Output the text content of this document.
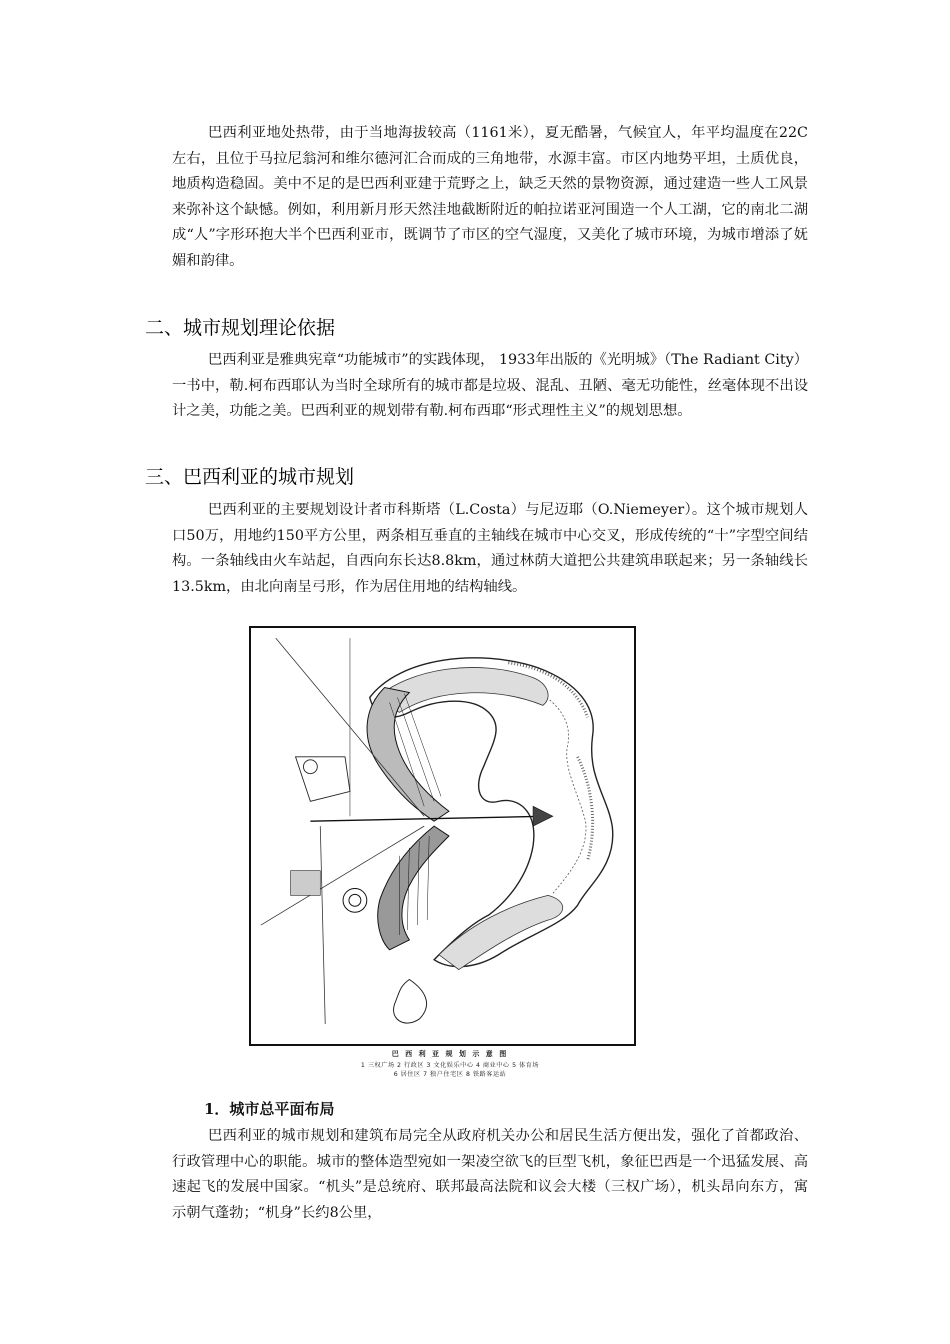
巴西利亚地处热带，由于当地海拔较高（1161米），夏无酷暑，气候宜人，年平均温度在22C左右，且位于马拉尼翁河和维尔德河汇合而成的三角地带，水源丰富。市区内地势平坦，土质优良，地质构造稳固。美中不足的是巴西利亚建于荒野之上，缺乏天然的景物资源，通过建造一些人工风景来弥补这个缺憾。例如，利用新月形天然洼地截断附近的帕拉诺亚河围造一个人工湖，它的南北二湖成“人”字形环抱大半个巴西利亚市，既调节了市区的空气湿度，又美化了城市环境，为城市增添了妩媚和韵律。

二、城市规划理论依据

巴西利亚是雅典宪章“功能城市”的实践体现， 1933年出版的《光明城》（The Radiant City）一书中，勒.柯布西耶认为当时全球所有的城市都是垃圾、混乱、丑陋、毫无功能性，丝毫体现不出设计之美，功能之美。巴西利亚的规划带有勒.柯布西耶“形式理性主义”的规划思想。

三、巴西利亚的城市规划

巴西利亚的主要规划设计者市科斯塔（L.Costa）与尼迈耶（O.Niemeyer）。这个城市规划人口50万，用地约150平方公里，两条相互垂直的主轴线在城市中心交叉，形成传统的“十”字型空间结构。一条轴线由火车站起，自西向东长达8.8km，通过林荫大道把公共建筑串联起来；另一条轴线长13.5km，由北向南呈弓形，作为居住用地的结构轴线。

巴 西 利 亚 规 划 示 意 图

1 三权广场 2 行政区 3 文化娱乐中心 4 商业中心 5 体育场

6 居住区 7 独户住宅区 8 铁路客运站

1．城市总平面布局

巴西利亚的城市规划和建筑布局完全从政府机关办公和居民生活方便出发，强化了首都政治、行政管理中心的职能。城市的整体造型宛如一架凌空欲飞的巨型飞机，象征巴西是一个迅猛发展、高速起飞的发展中国家。“机头”是总统府、联邦最高法院和议会大楼（三权广场），机头昂向东方，寓示朝气蓬勃；“机身”长约8公里，
